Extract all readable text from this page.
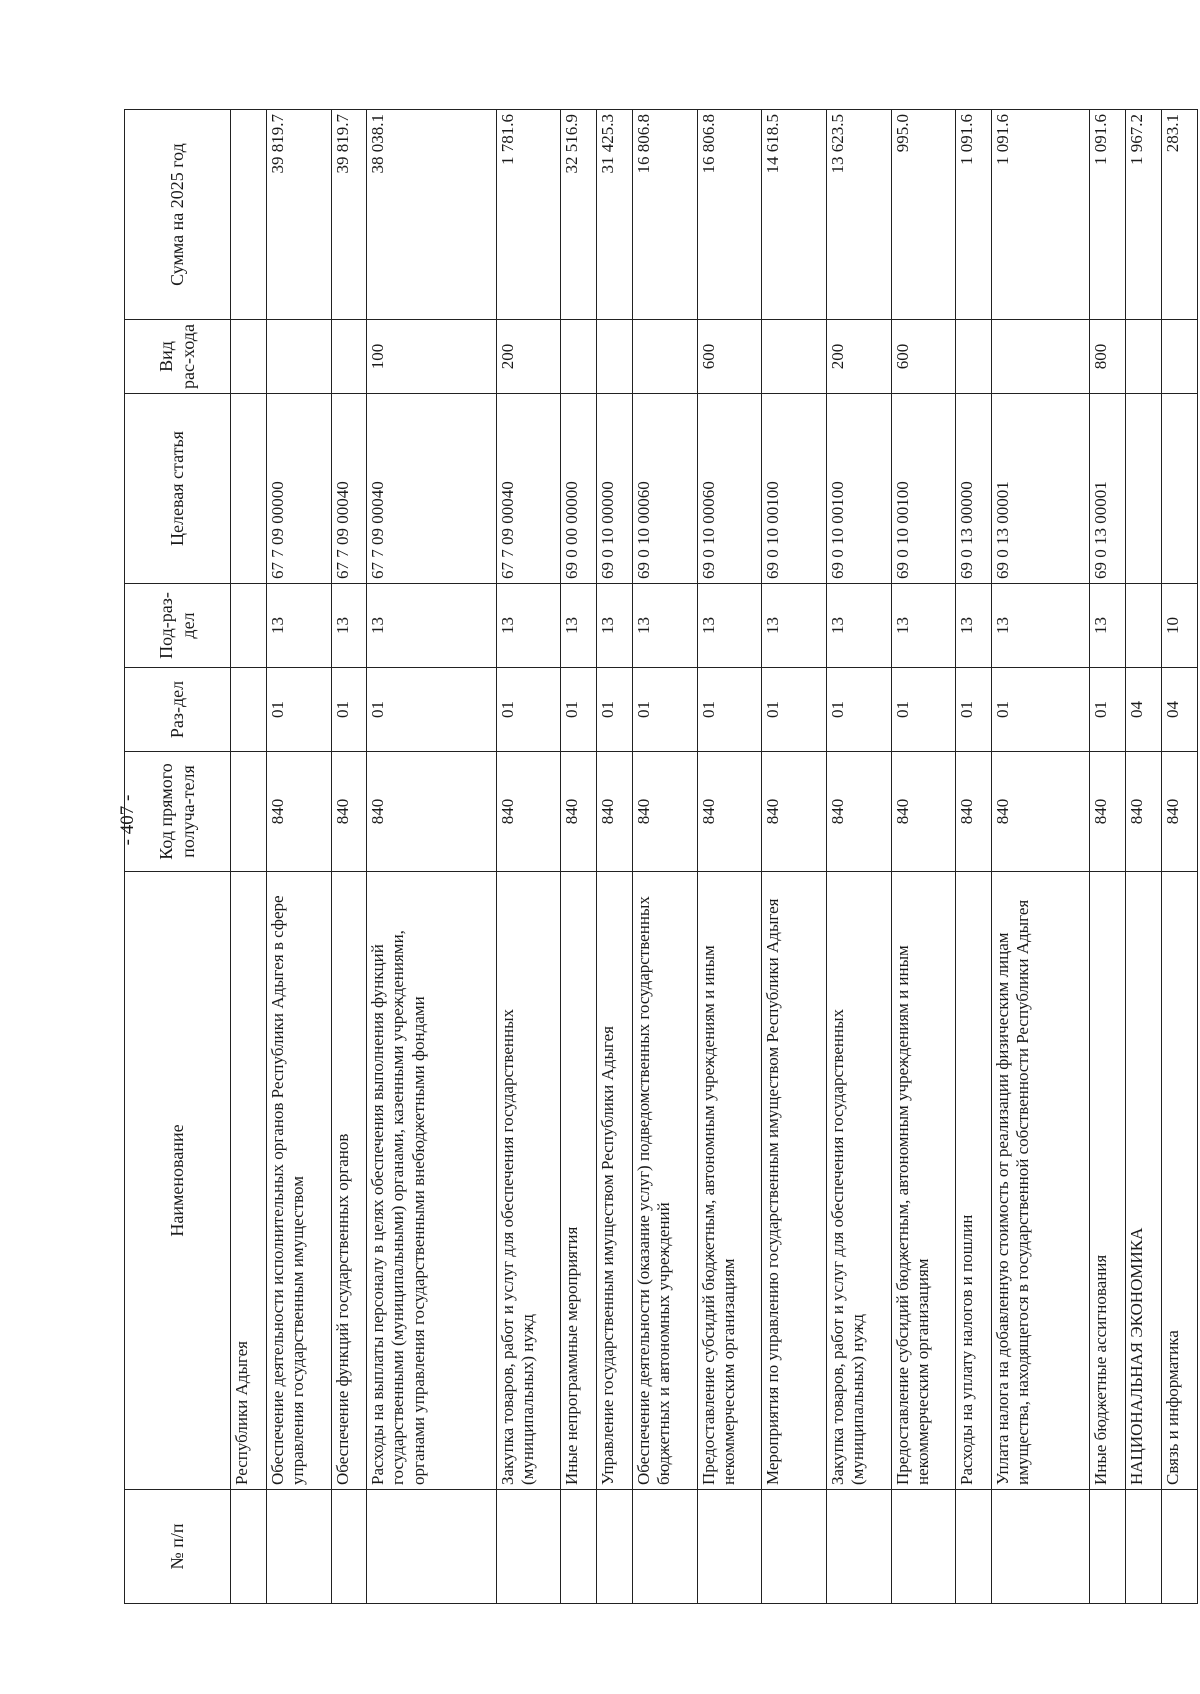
- 407 -
№ п/п	Наименование	Код прямого получа-теля	Раз-дел	Под-раз-дел	Целевая статья	Вид рас-хода	Сумма на 2025 год
	Республики Адыгея						
	Обеспечение деятельности исполнительных органов Республики Адыгея в сфере управления государственным имуществом	840	01	13	67 7 09 00000		39 819.7
	Обеспечение функций государственных органов	840	01	13	67 7 09 00040		39 819.7
	Расходы на выплаты персоналу в целях обеспечения выполнения функций государственными (муниципальными) органами, казенными учреждениями, органами управления государственными внебюджетными фондами	840	01	13	67 7 09 00040	100	38 038.1
	Закупка товаров, работ и услуг для обеспечения государственных (муниципальных) нужд	840	01	13	67 7 09 00040	200	1 781.6
	Иные непрограммные мероприятия	840	01	13	69 0 00 00000		32 516.9
	Управление государственным имуществом Республики Адыгея	840	01	13	69 0 10 00000		31 425.3
	Обеспечение деятельности (оказание услуг) подведомственных государственных бюджетных и автономных учреждений	840	01	13	69 0 10 00060		16 806.8
	Предоставление субсидий бюджетным, автономным учреждениям и иным некоммерческим организациям	840	01	13	69 0 10 00060	600	16 806.8
	Мероприятия по управлению государственным имуществом Республики Адыгея	840	01	13	69 0 10 00100		14 618.5
	Закупка товаров, работ и услуг для обеспечения государственных (муниципальных) нужд	840	01	13	69 0 10 00100	200	13 623.5
	Предоставление субсидий бюджетным, автономным учреждениям и иным некоммерческим организациям	840	01	13	69 0 10 00100	600	995.0
	Расходы на уплату налогов и пошлин	840	01	13	69 0 13 00000		1 091.6
	Уплата налога на добавленную стоимость от реализации физическим лицам имущества, находящегося в государственной собственности Республики Адыгея	840	01	13	69 0 13 00001		1 091.6
	Иные бюджетные ассигнования	840	01	13	69 0 13 00001	800	1 091.6
	НАЦИОНАЛЬНАЯ ЭКОНОМИКА	840	04				1 967.2
	Связь и информатика	840	04	10			283.1
